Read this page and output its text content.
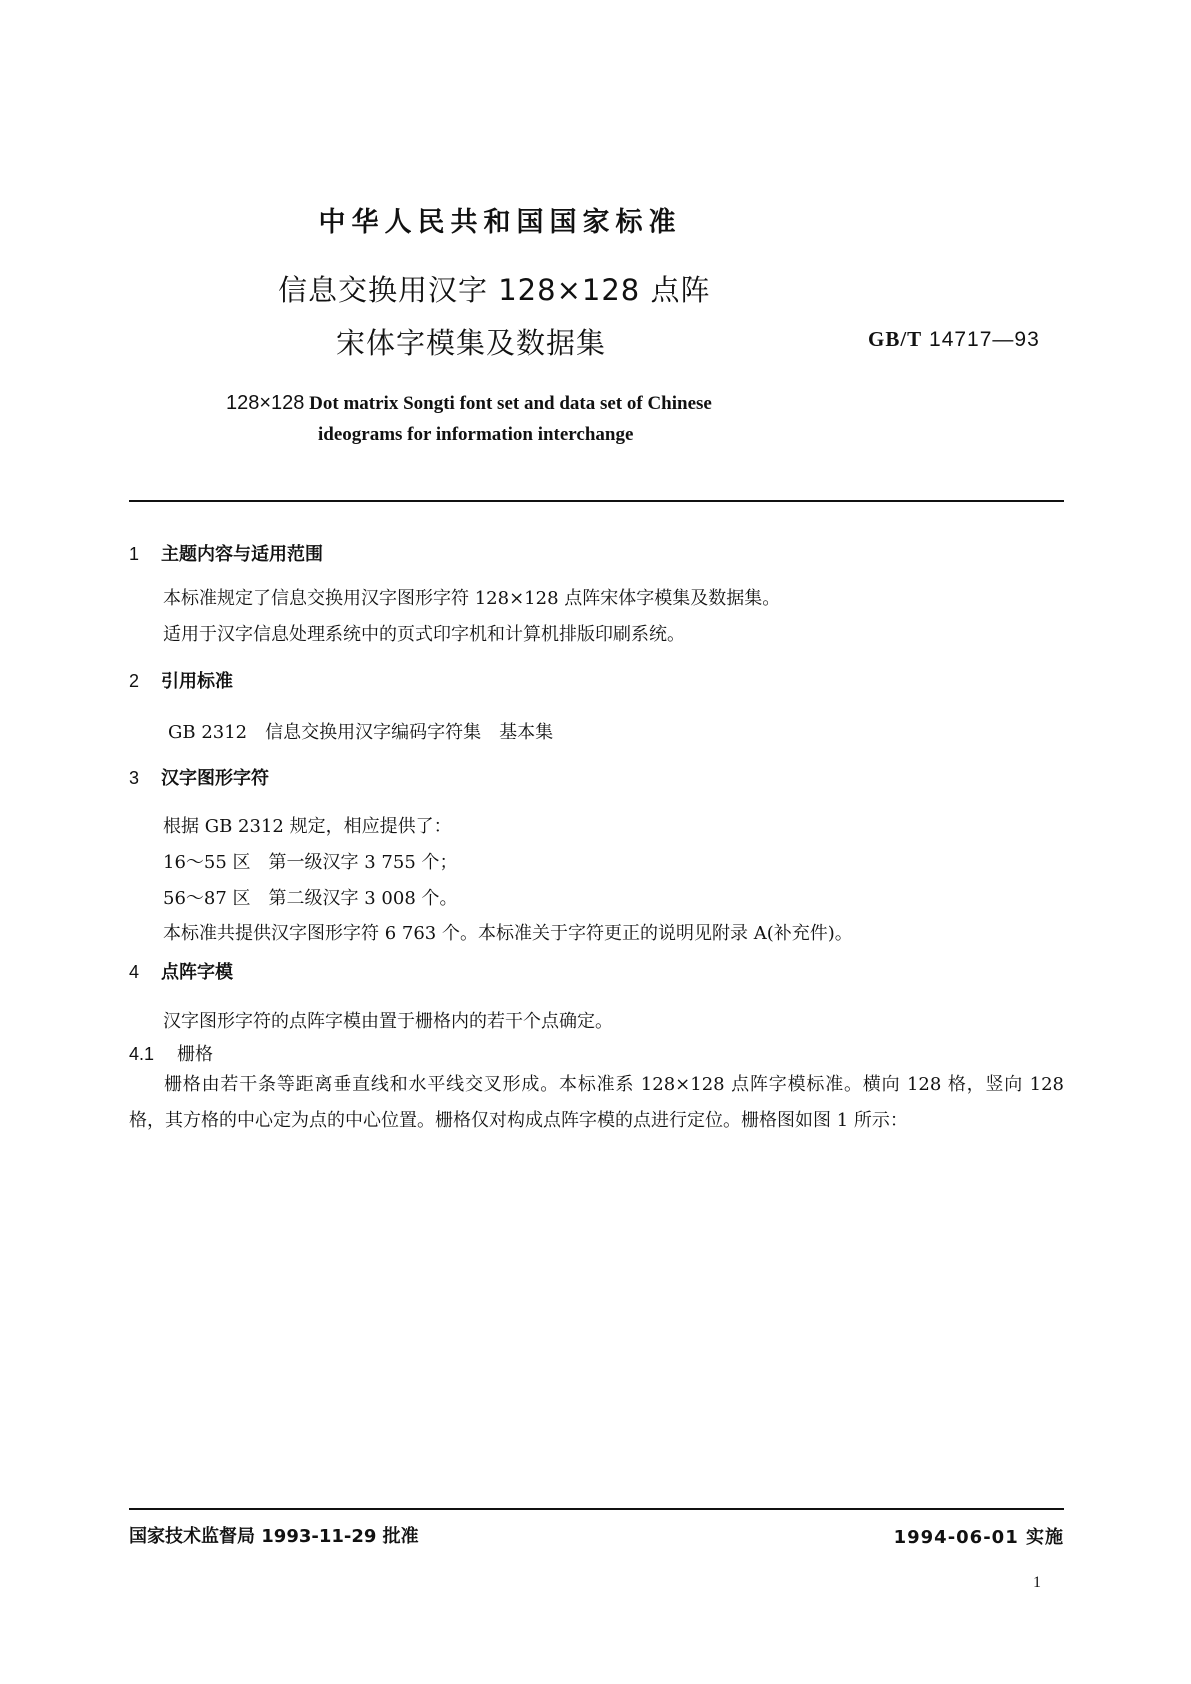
中华人民共和国国家标准
信息交换用汉字 128×128 点阵
宋体字模集及数据集	GB/T 14717—93
128×128 Dot matrix Songti font set and data set of Chinese
ideograms for information interchange
1 主题内容与适用范围
本标准规定了信息交换用汉字图形字符 128×128 点阵宋体字模集及数据集。
适用于汉字信息处理系统中的页式印字机和计算机排版印刷系统。
2 引用标准
GB 2312　信息交换用汉字编码字符集　基本集
3 汉字图形字符
根据 GB 2312 规定，相应提供了：
16～55 区　第一级汉字 3 755 个；
56～87 区　第二级汉字 3 008 个。
本标准共提供汉字图形字符 6 763 个。本标准关于字符更正的说明见附录 A(补充件)。
4 点阵字模
汉字图形字符的点阵字模由置于栅格内的若干个点确定。
4.1 栅格
栅格由若干条等距离垂直线和水平线交叉形成。本标准系 128×128 点阵字模标准。横向 128 格，竖向 128 格，其方格的中心定为点的中心位置。栅格仅对构成点阵字模的点进行定位。栅格图如图 1 所示：
国家技术监督局 1993-11-29 批准	1994-06-01 实施
1
